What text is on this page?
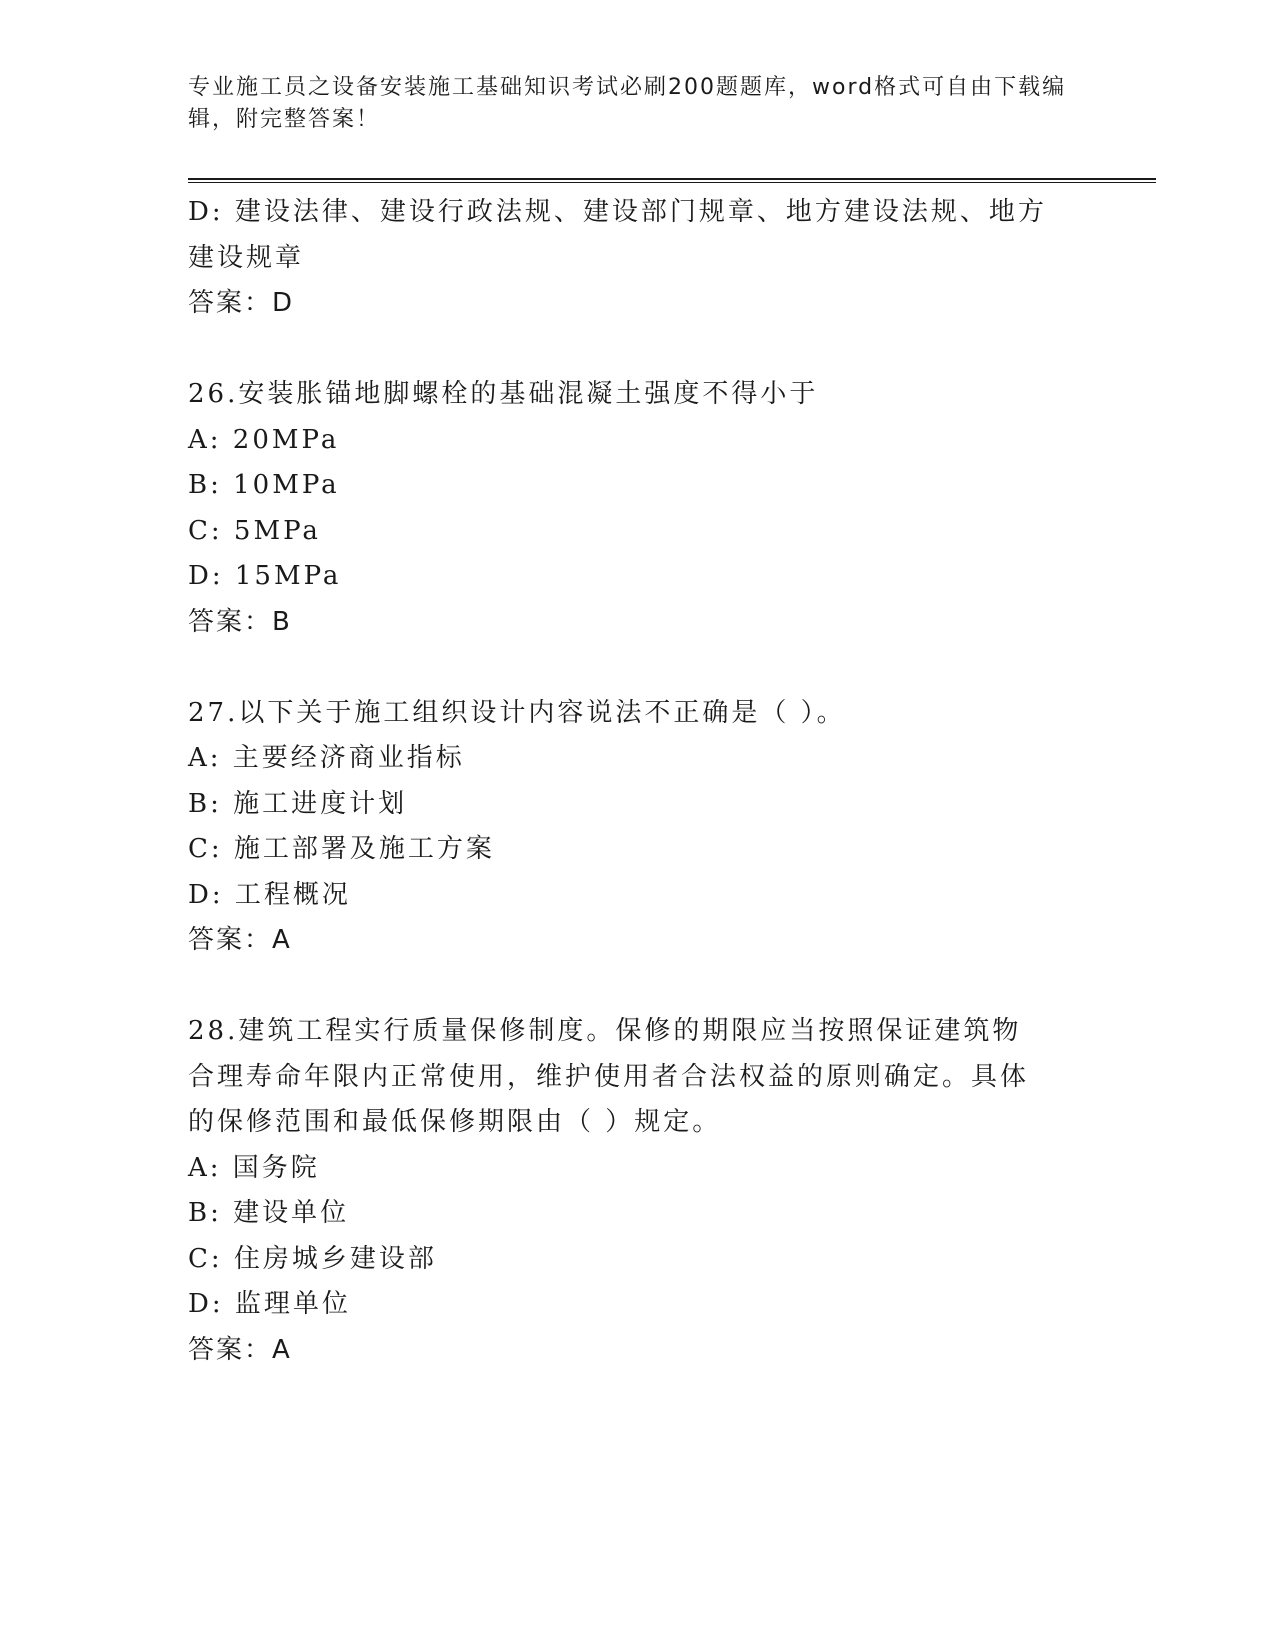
专业施工员之设备安装施工基础知识考试必刷200题题库，word格式可自由下载编辑，附完整答案！
D: 建设法律、建设行政法规、建设部门规章、地方建设法规、地方建设规章
答案：D
26.安装胀锚地脚螺栓的基础混凝土强度不得小于
A: 20MPa
B: 10MPa
C: 5MPa
D: 15MPa
答案：B
27.以下关于施工组织设计内容说法不正确是（ ）。
A: 主要经济商业指标
B: 施工进度计划
C: 施工部署及施工方案
D: 工程概况
答案：A
28.建筑工程实行质量保修制度。保修的期限应当按照保证建筑物合理寿命年限内正常使用，维护使用者合法权益的原则确定。具体的保修范围和最低保修期限由（ ）规定。
A: 国务院
B: 建设单位
C: 住房城乡建设部
D: 监理单位
答案：A
